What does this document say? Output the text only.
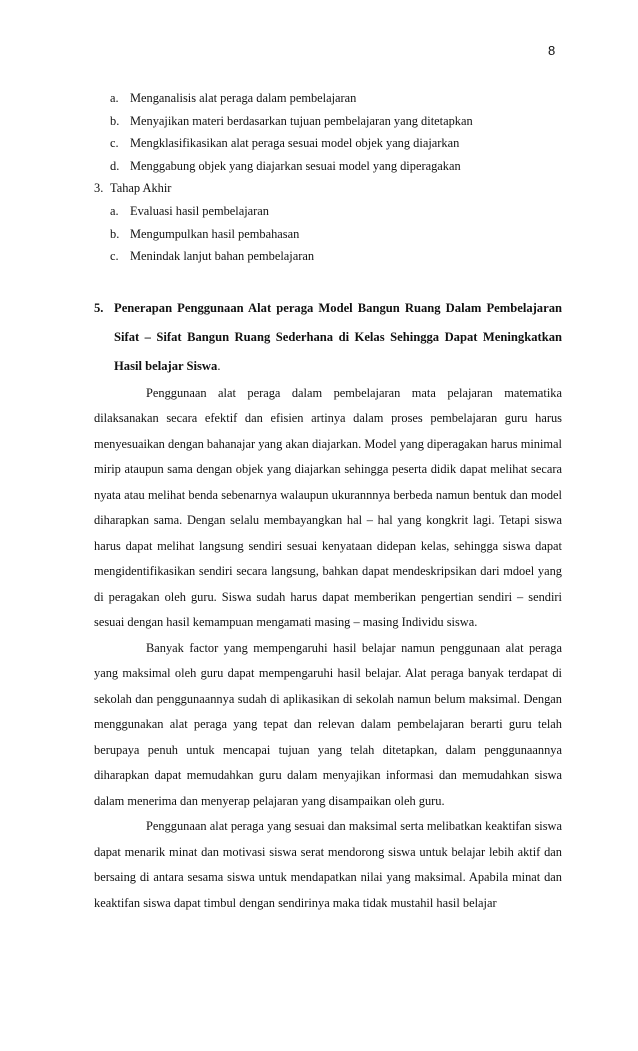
8
a. Menganalisis alat peraga dalam pembelajaran
b. Menyajikan materi berdasarkan tujuan pembelajaran yang ditetapkan
c. Mengklasifikasikan alat peraga sesuai model objek yang diajarkan
d. Menggabung objek yang diajarkan sesuai model yang diperagakan
3. Tahap Akhir
a. Evaluasi hasil pembelajaran
b. Mengumpulkan hasil pembahasan
c. Menindak lanjut bahan pembelajaran
5. Penerapan Penggunaan Alat peraga Model Bangun Ruang Dalam Pembelajaran
Sifat – Sifat Bangun Ruang Sederhana di Kelas Sehingga Dapat Meningkatkan
Hasil belajar Siswa.

Penggunaan alat peraga dalam pembelajaran mata pelajaran matematika dilaksanakan secara efektif dan efisien artinya dalam proses pembelajaran guru harus menyesuaikan dengan bahanajar yang akan diajarkan. Model yang diperagakan harus minimal mirip ataupun sama dengan objek yang diajarkan sehingga peserta didik dapat melihat secara nyata atau melihat benda sebenarnya walaupun ukurannnya berbeda namun bentuk dan model diharapkan sama. Dengan selalu membayangkan hal – hal yang kongkrit lagi. Tetapi siswa harus dapat melihat langsung sendiri sesuai kenyataan didepan kelas, sehingga siswa dapat mengidentifikasikan sendiri secara langsung, bahkan dapat mendeskripsikan dari mdoel yang di peragakan oleh guru. Siswa sudah harus dapat memberikan pengertian sendiri – sendiri sesuai dengan hasil kemampuan mengamati masing – masing Individu siswa.

Banyak factor yang mempengaruhi hasil belajar namun penggunaan alat peraga yang maksimal oleh guru dapat mempengaruhi hasil belajar. Alat peraga banyak terdapat di sekolah dan penggunaannya sudah di aplikasikan di sekolah namun belum maksimal. Dengan menggunakan alat peraga yang tepat dan relevan dalam pembelajaran berarti guru telah berupaya penuh untuk mencapai tujuan yang telah ditetapkan, dalam penggunaannya diharapkan dapat memudahkan guru dalam menyajikan informasi dan memudahkan siswa dalam menerima dan menyerap pelajaran yang disampaikan oleh guru.

Penggunaan alat peraga yang sesuai dan maksimal serta melibatkan keaktifan siswa dapat menarik minat dan motivasi siswa serat mendorong siswa untuk belajar lebih aktif dan bersaing di antara sesama siswa untuk mendapatkan nilai yang maksimal. Apabila minat dan keaktifan siswa dapat timbul dengan sendirinya maka tidak mustahil hasil belajar
